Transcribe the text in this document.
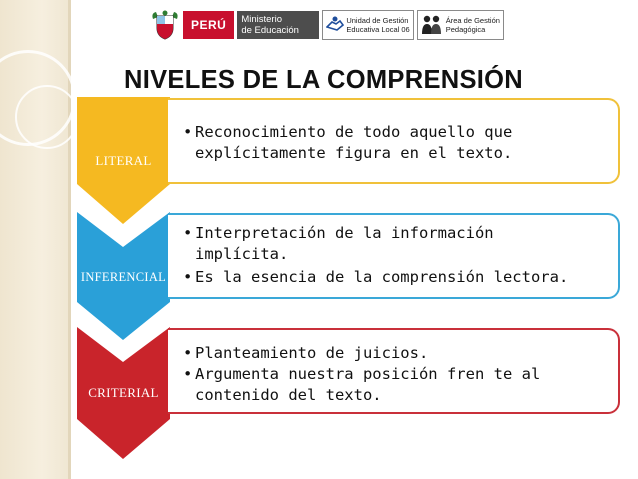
PERÚ Ministerio
de Educación
Unidad de Gestión
Educativa Local 06
Área de Gestión
Pedagógica
NIVELES DE LA COMPRENSIÓN
LITERAL
• Reconocimiento de todo aquello que
explícitamente figura en el texto.
INFERENCIAL
• Interpretación de la información
implícita.
• Es la esencia de la comprensión lectora.
CRITERIAL
• Planteamiento de juicios.
• Argumenta nuestra posición fren te al
contenido del texto.
